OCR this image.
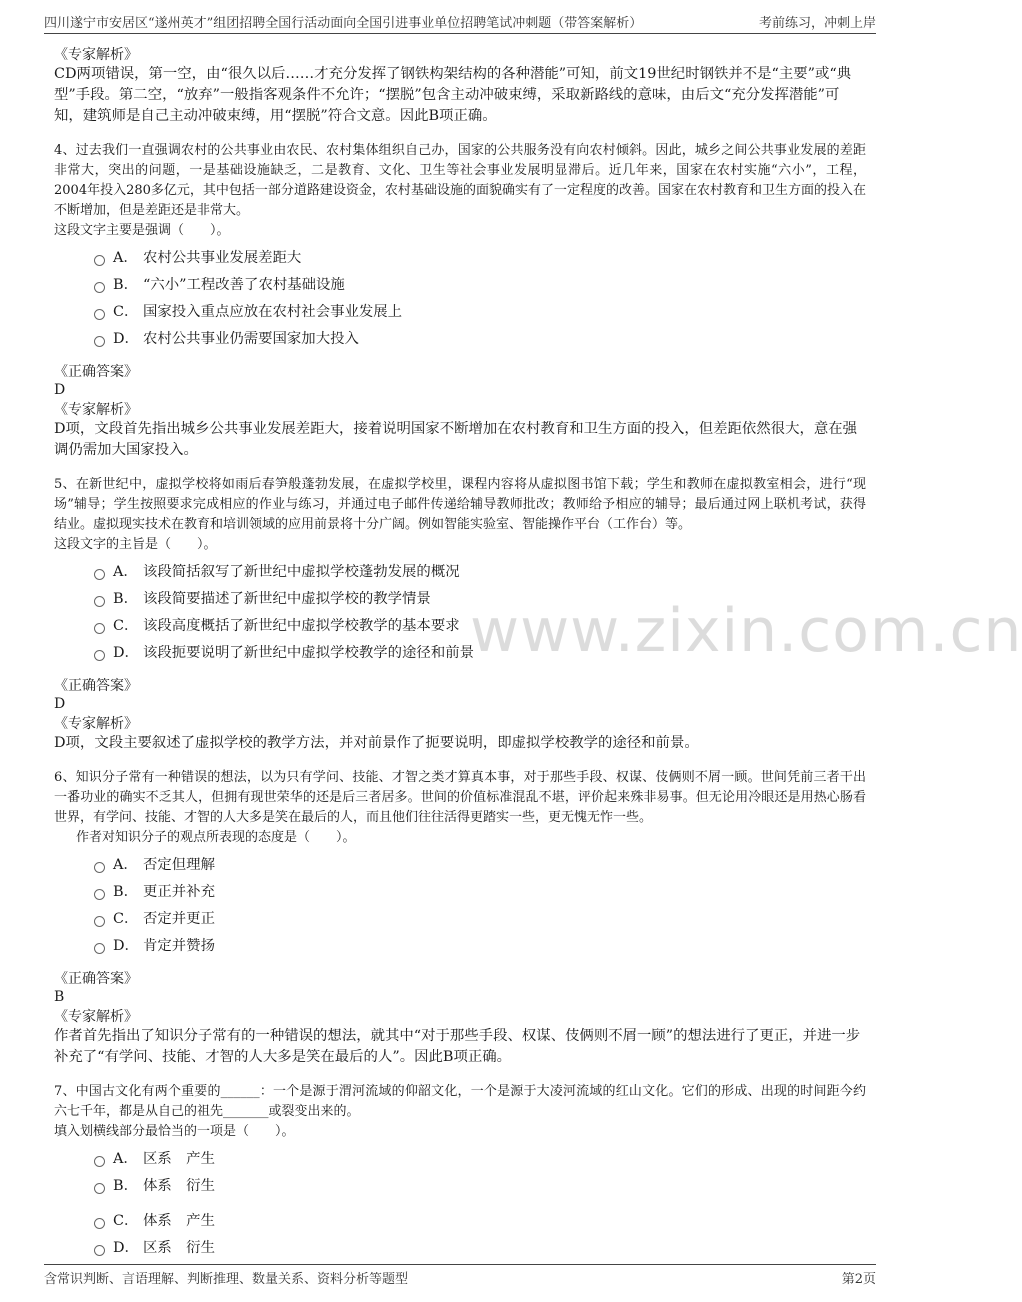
四川遂宁市安居区“遂州英才”组团招聘全国行活动面向全国引进事业单位招聘笔试冲刺题（带答案解析）	考前练习，冲刺上岸
www.zixin.com.cn

《专家解析》

CD两项错误，第一空，由“很久以后……才充分发挥了钢铁构架结构的各种潜能”可知，前文19世纪时钢铁并不是“主要”或“典型”手段。第二空，“放弃”一般指客观条件不允许；“摆脱”包含主动冲破束缚，采取新路线的意味，由后文“充分发挥潜能”可知，建筑师是自己主动冲破束缚，用“摆脱”符合文意。因此B项正确。

4、过去我们一直强调农村的公共事业由农民、农村集体组织自己办，国家的公共服务没有向农村倾斜。因此，城乡之间公共事业发展的差距非常大，突出的问题，一是基础设施缺乏，二是教育、文化、卫生等社会事业发展明显滞后。近几年来，国家在农村实施“六小”，工程，2004年投入280多亿元，其中包括一部分道路建设资金，农村基础设施的面貌确实有了一定程度的改善。国家在农村教育和卫生方面的投入在不断增加，但是差距还是非常大。

这段文字主要是强调（　　）。

A． 农村公共事业发展差距大
B． “六小”工程改善了农村基础设施
C． 国家投入重点应放在农村社会事业发展上
D． 农村公共事业仍需要国家加大投入

《正确答案》

D

《专家解析》

D项，文段首先指出城乡公共事业发展差距大，接着说明国家不断增加在农村教育和卫生方面的投入，但差距依然很大，意在强调仍需加大国家投入。

5、在新世纪中，虚拟学校将如雨后春笋般蓬勃发展，在虚拟学校里，课程内容将从虚拟图书馆下载；学生和教师在虚拟教室相会，进行“现场”辅导；学生按照要求完成相应的作业与练习，并通过电子邮件传递给辅导教师批改；教师给予相应的辅导；最后通过网上联机考试，获得结业。虚拟现实技术在教育和培训领域的应用前景将十分广阔。例如智能实验室、智能操作平台（工作台）等。

这段文字的主旨是（　　）。

A． 该段简括叙写了新世纪中虚拟学校蓬勃发展的概况
B． 该段简要描述了新世纪中虚拟学校的教学情景
C． 该段高度概括了新世纪中虚拟学校教学的基本要求
D． 该段扼要说明了新世纪中虚拟学校教学的途径和前景

《正确答案》

D

《专家解析》

D项，文段主要叙述了虚拟学校的教学方法，并对前景作了扼要说明，即虚拟学校教学的途径和前景。

6、知识分子常有一种错误的想法，以为只有学问、技能、才智之类才算真本事，对于那些手段、权谋、伎俩则不屑一顾。世间凭前三者干出一番功业的确实不乏其人，但拥有现世荣华的还是后三者居多。世间的价值标准混乱不堪，评价起来殊非易事。但无论用冷眼还是用热心肠看世界，有学问、技能、才智的人大多是笑在最后的人，而且他们往往活得更踏实一些，更无愧无怍一些。

作者对知识分子的观点所表现的态度是（　　）。

A． 否定但理解
B． 更正并补充
C． 否定并更正
D． 肯定并赞扬

《正确答案》

B

《专家解析》

作者首先指出了知识分子常有的一种错误的想法，就其中“对于那些手段、权谋、伎俩则不屑一顾”的想法进行了更正，并进一步补充了“有学问、技能、才智的人大多是笑在最后的人”。因此B项正确。

7、中国古文化有两个重要的______：一个是源于渭河流域的仰韶文化，一个是源于大凌河流域的红山文化。它们的形成、出现的时间距今约六七千年，都是从自己的祖先_______或裂变出来的。

填入划横线部分最恰当的一项是（　　）。

A． 区系　产生
B． 体系　衍生
C． 体系　产生
D． 区系　衍生
含常识判断、言语理解、判断推理、数量关系、资料分析等题型	第2页
